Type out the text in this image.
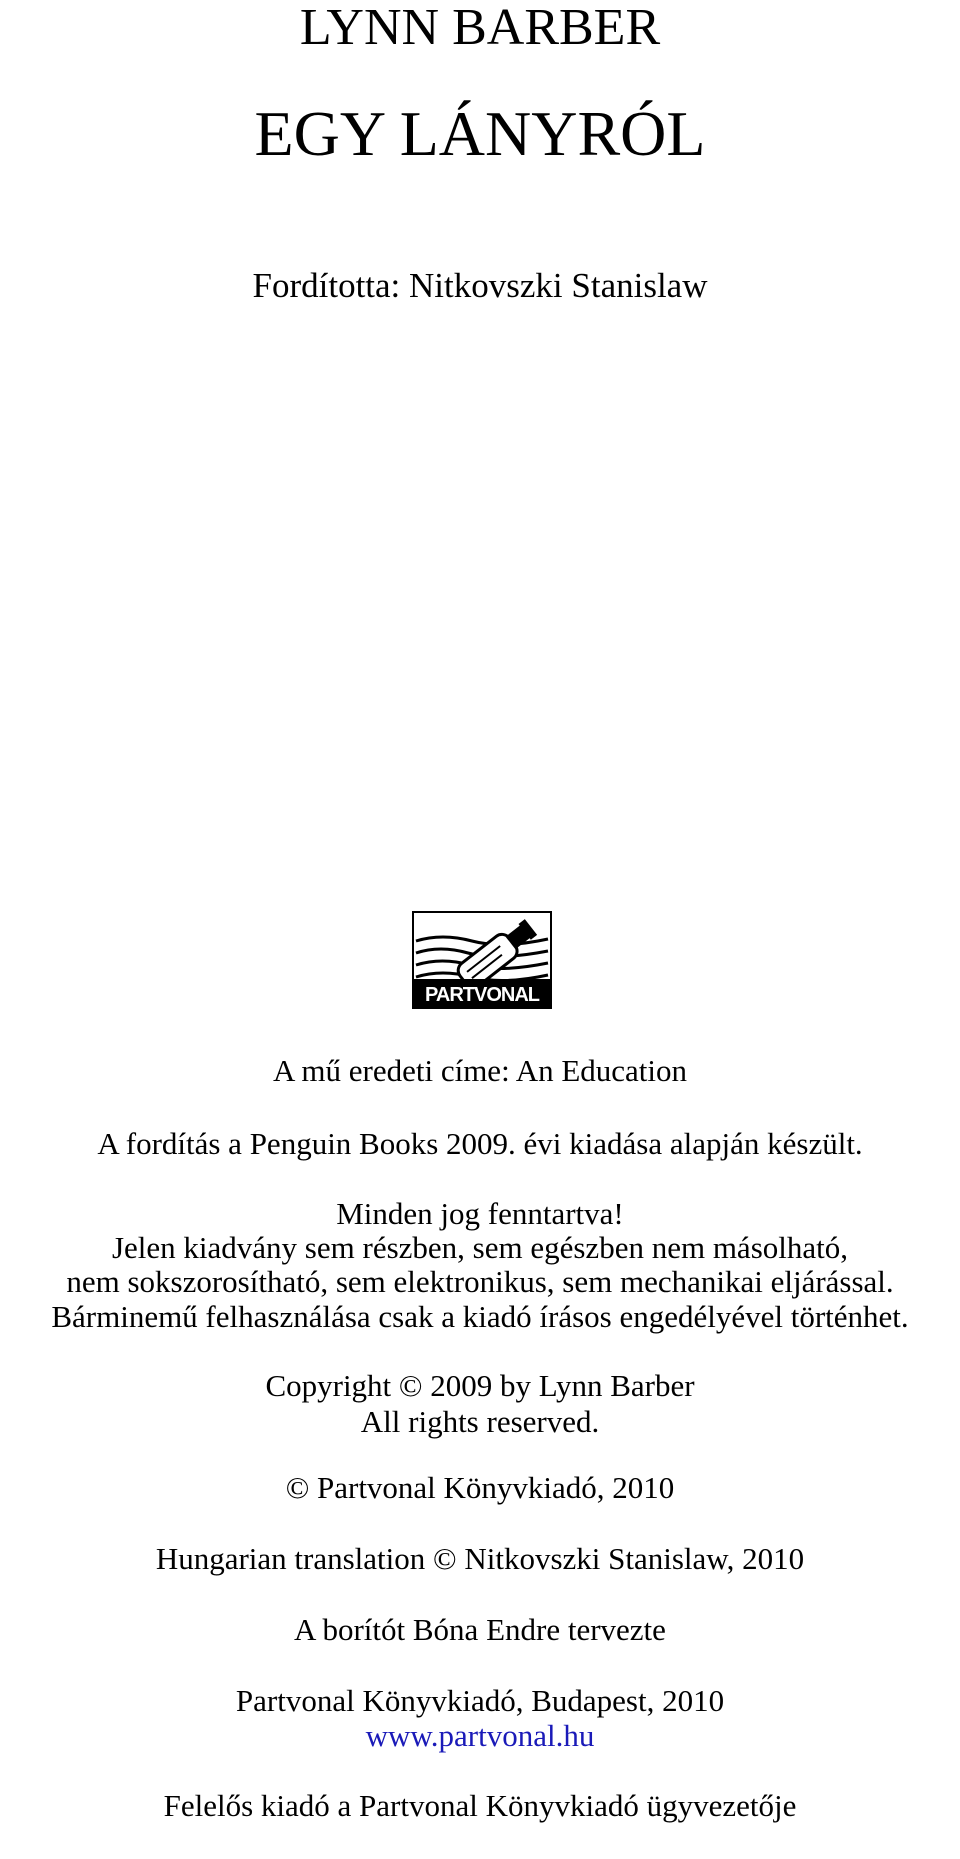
LYNN BARBER
EGY LÁNYRÓL
Fordította: Nitkovszki Stanislaw
PARTVONAL
A mű eredeti címe: An Education
A fordítás a Penguin Books 2009. évi kiadása alapján készült.
Minden jog fenntartva!
Jelen kiadvány sem részben, sem egészben nem másolható,
nem sokszorosítható, sem elektronikus, sem mechanikai eljárással.
Bárminemű felhasználása csak a kiadó írásos engedélyével történhet.
Copyright © 2009 by Lynn Barber
All rights reserved.
© Partvonal Könyvkiadó, 2010
Hungarian translation © Nitkovszki Stanislaw, 2010
A borítót Bóna Endre tervezte
Partvonal Könyvkiadó, Budapest, 2010
www.partvonal.hu
Felelős kiadó a Partvonal Könyvkiadó ügyvezetője
